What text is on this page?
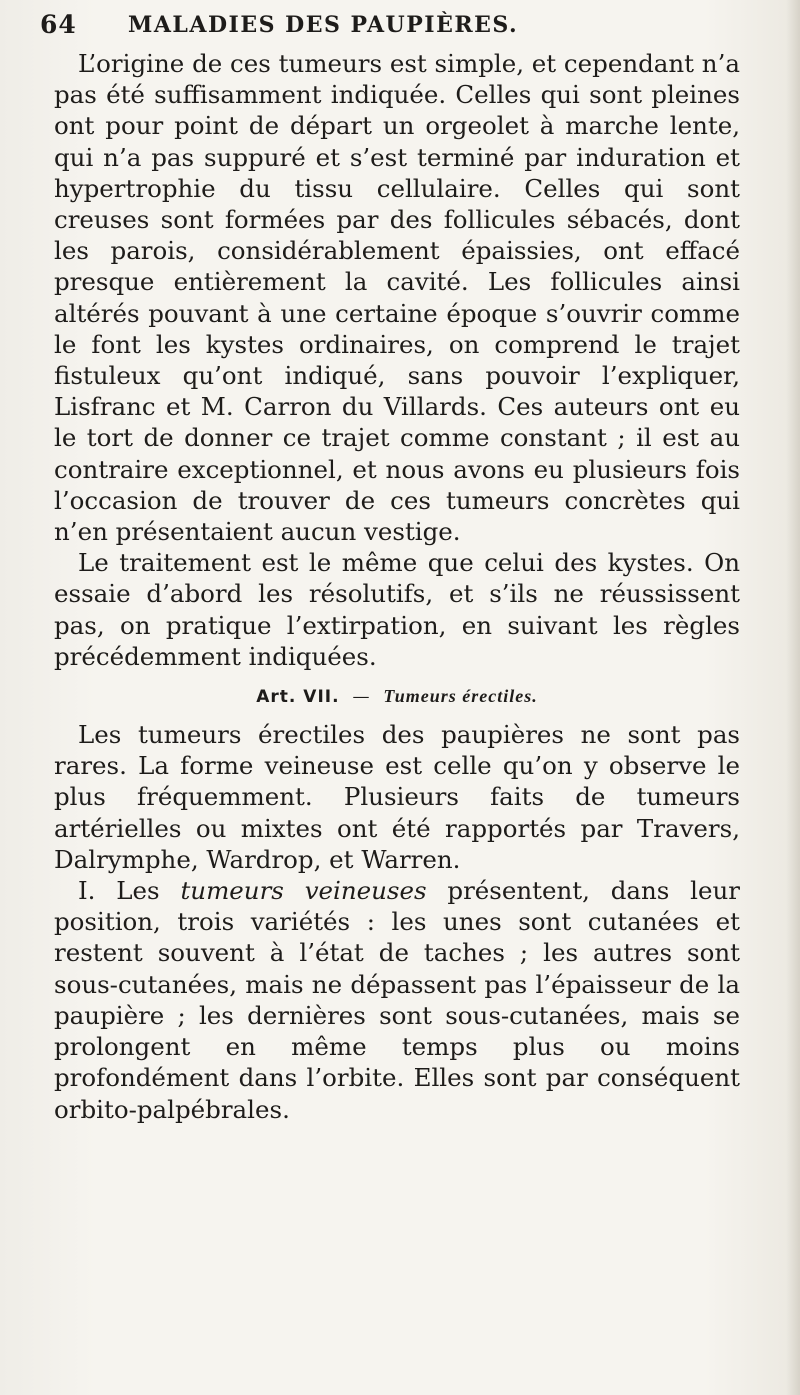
64 MALADIES DES PAUPIÈRES.

L’origine de ces tumeurs est simple, et cependant n’a pas été suffisamment indiquée. Celles qui sont pleines ont pour point de départ un orgeolet à marche lente, qui n’a pas suppuré et s’est terminé par induration et hypertrophie du tissu cellulaire. Celles qui sont creuses sont formées par des follicules sébacés, dont les parois, considérablement épaissies, ont effacé presque entièrement la cavité. Les follicules ainsi altérés pouvant à une certaine époque s’ouvrir comme le font les kystes ordinaires, on comprend le trajet fistuleux qu’ont indiqué, sans pouvoir l’expliquer, Lisfranc et M. Carron du Villards. Ces auteurs ont eu le tort de donner ce trajet comme constant ; il est au contraire exceptionnel, et nous avons eu plusieurs fois l’occasion de trouver de ces tumeurs concrètes qui n’en présentaient aucun vestige.

Le traitement est le même que celui des kystes. On essaie d’abord les résolutifs, et s’ils ne réussissent pas, on pratique l’extirpation, en suivant les règles précédemment indiquées.

Art. VII. — Tumeurs érectiles.

Les tumeurs érectiles des paupières ne sont pas rares. La forme veineuse est celle qu’on y observe le plus fréquemment. Plusieurs faits de tumeurs artérielles ou mixtes ont été rapportés par Travers, Dalrymphe, Wardrop, et Warren.

I. Les tumeurs veineuses présentent, dans leur position, trois variétés : les unes sont cutanées et restent souvent à l’état de taches ; les autres sont sous-cutanées, mais ne dépassent pas l’épaisseur de la paupière ; les dernières sont sous-cutanées, mais se prolongent en même temps plus ou moins profondément dans l’orbite. Elles sont par conséquent orbito-palpébrales.
